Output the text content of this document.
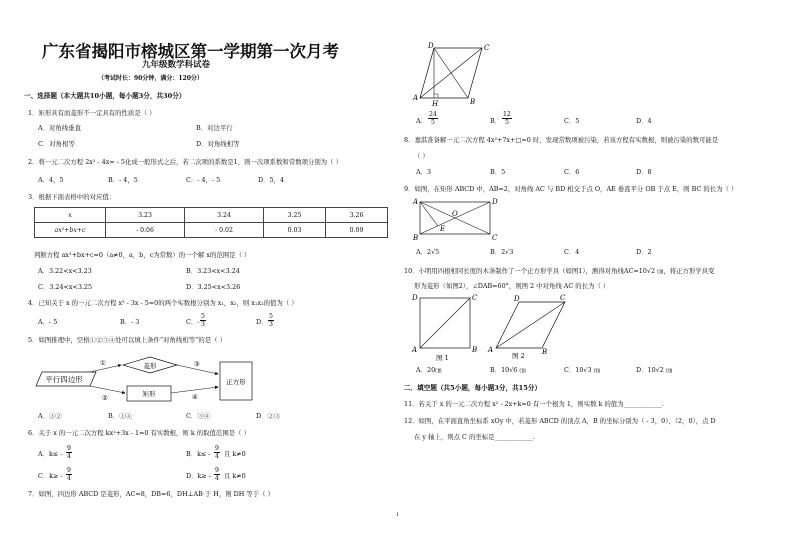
广东省揭阳市榕城区第一学期第一次月考
九年级数学科试卷
（考试时长：90分钟，满分：120分）
一、选择题（本大题共10小题，每小题3分，共30分）
1．矩形具有而菱形不一定具有的性质是（ ）
A．对角线垂直	B．对边平行
C．对角相等	D．对角线相等
2．将一元二次方程 2x² - 4x= - 5化成一般形式之后，若二次项的系数是1，则一次项系数和常数项分别为（ ）
A．4，5	B．- 4，5	C．- 4，- 5	D．5，4
3．根据下面表格中的对应值：
x	3.23	3.24	3.25	3.26
ax²+bx+c	- 0.06	- 0.02	0.03	0.09
判断方程 ax²+bx+c=0（a≠0，a，b，c为常数）的一个解 x的范围是（ ）
A．3.22<x<3.23	B．3.23<x<3.24
C．3.24<x<3.25	D．3.25<x<3.26
4．已知关于 x 的一元二次方程 x² - 3x - 5=0的两个实数根分别为 x₁，x₂，则 x₁x₂的值为（ ）
A．- 5	B．- 3	C．- $\frac{5}{3}$	D． $\frac{5}{3}$
5．如图推理中，空格①②③④处可以填上条件“对角线相等”的是（ ）
平行四边形
菱形
矩形
正方形
①
②
③
④
A．①②	B．①④	C．③④	D．②③
6．关于 x 的一元二次方程 kx²+3x - 1=0 有实数根，则 k 的取值范围是（ ）
A．$k\le - \frac{9}{4}$	B．$k\le - \frac{9}{4}$ 且 k≠0
C．$k\ge - \frac{9}{4}$	D．$k\ge - \frac{9}{4}$ 且 k≠0
7．如图，四边形 ABCD 是菱形，AC=8，DB=6，DH⊥AB 于 H，则 DH 等于（ ）
1
D	C
A	B
H
A． $\frac{24}{5}$	B． $\frac{12}{5}$	C．5	D．4
8．嘉淇准备解一元二次方程 4x²+7x+□=0 时，发现常数项被污染，若该方程有实数根，则被污染的数可能是
（ ）
A．3	B．5	C．6	D．8
9．如图，在矩形 ABCD 中，AB=2，对角线 AC 与 BD 相交于点 O，AE 垂直平分 OB 于点 E，则 BC 的长为（ ）
A	D
B	C
O
E
A．2√5	B．2√3	C．4	D．2
10．小明用四根相同长度的木条制作了一个正方形学具（如图1），测得对角线AC=10√2 ㎝，将正方形学具变
形为菱形（如图2），∠DAB=60°，则图 2 中对角线 AC 的长为（ ）
D	C
A	B
图 1
D	C
A	B
图 2
A．20㎝	B．10√6 ㎝	C．10√3 ㎝	D．10√2 ㎝
二．填空题（共5小题，每小题3分，共15分）
11．若关于 x 的一元二次方程 x² - 2x+k=0 有一个根为 1，则实数 k 的值为____________.
12．如图，在平面直角坐标系 xOy 中，若菱形 ABCD 的顶点 A，B 的坐标分别为（ - 3，0），（2，0），点 D
在 y 轴上，则点 C 的坐标是____________.
